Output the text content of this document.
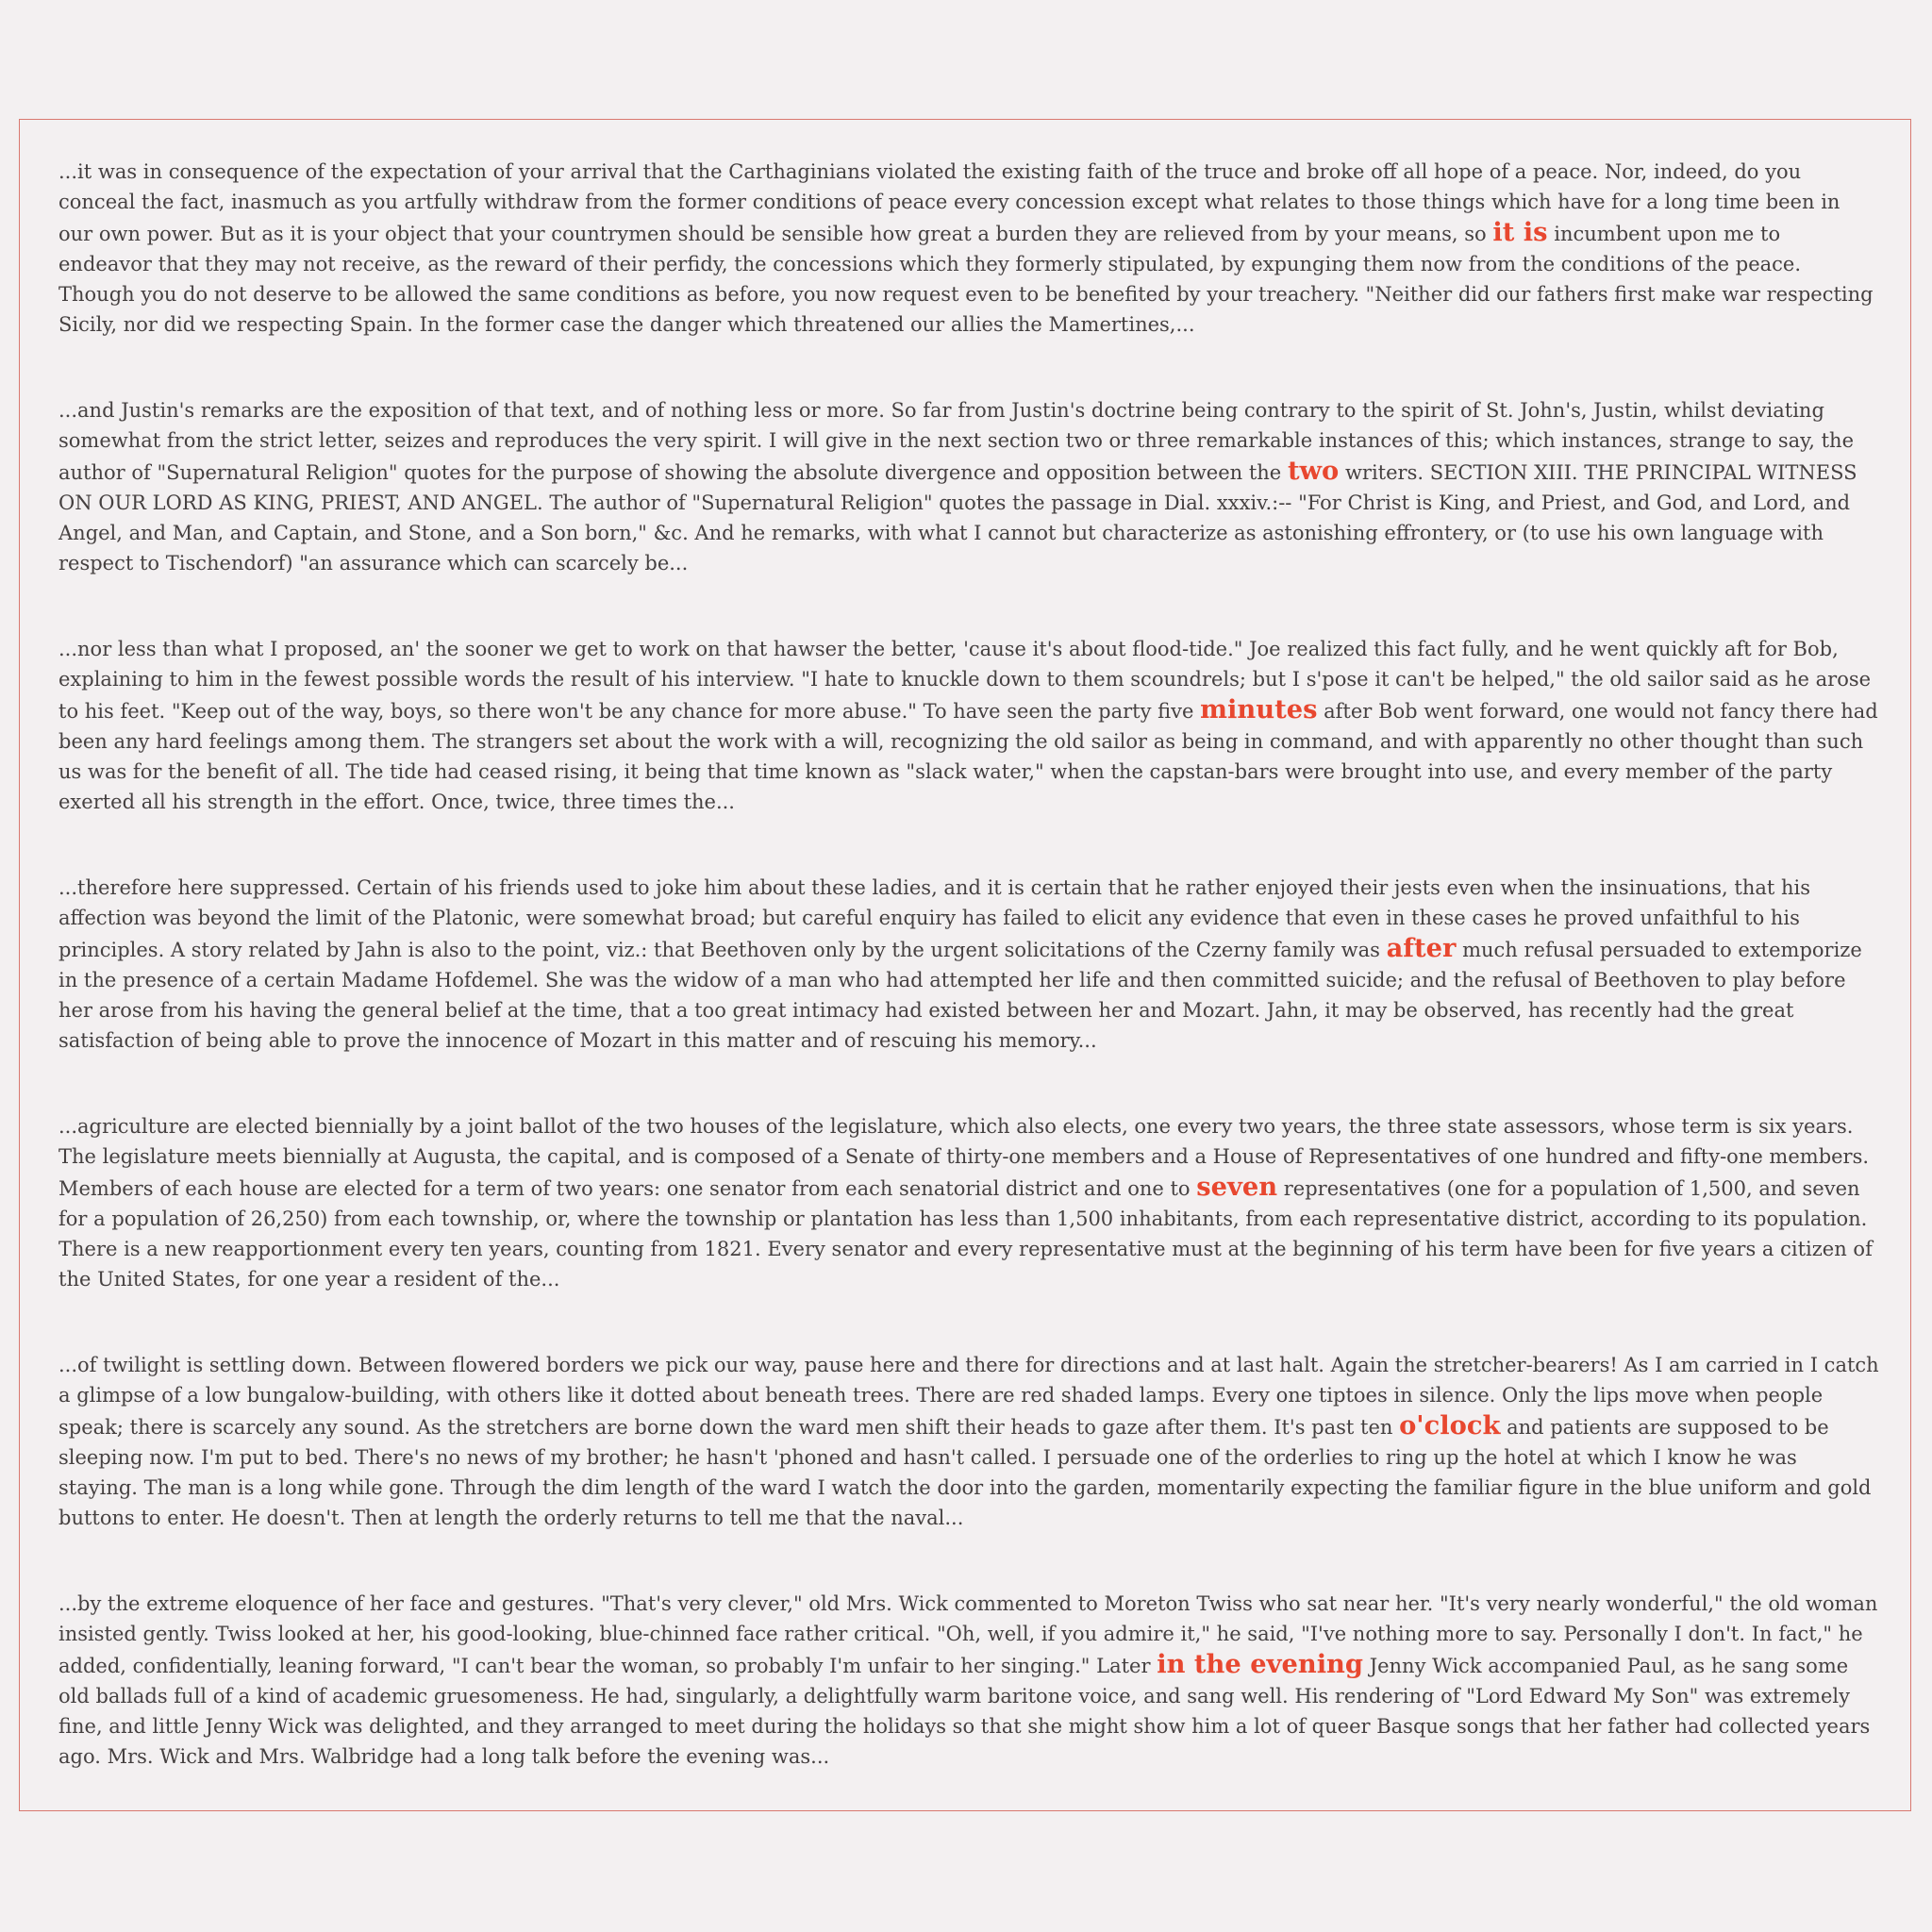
...it was in consequence of the expectation of your arrival that the Carthaginians violated the existing faith of the truce and broke off all hope of a peace. Nor, indeed, do you conceal the fact, inasmuch as you artfully withdraw from the former conditions of peace every concession except what relates to those things which have for a long time been in our own power. But as it is your object that your countrymen should be sensible how great a burden they are relieved from by your means, so it is incumbent upon me to endeavor that they may not receive, as the reward of their perfidy, the concessions which they formerly stipulated, by expunging them now from the conditions of the peace. Though you do not deserve to be allowed the same conditions as before, you now request even to be benefited by your treachery. "Neither did our fathers first make war respecting Sicily, nor did we respecting Spain. In the former case the danger which threatened our allies the Mamertines,...

...and Justin's remarks are the exposition of that text, and of nothing less or more. So far from Justin's doctrine being contrary to the spirit of St. John's, Justin, whilst deviating somewhat from the strict letter, seizes and reproduces the very spirit. I will give in the next section two or three remarkable instances of this; which instances, strange to say, the author of "Supernatural Religion" quotes for the purpose of showing the absolute divergence and opposition between the two writers. SECTION XIII. THE PRINCIPAL WITNESS ON OUR LORD AS KING, PRIEST, AND ANGEL. The author of "Supernatural Religion" quotes the passage in Dial. xxxiv.:-- "For Christ is King, and Priest, and God, and Lord, and Angel, and Man, and Captain, and Stone, and a Son born," &c. And he remarks, with what I cannot but characterize as astonishing effrontery, or (to use his own language with respect to Tischendorf) "an assurance which can scarcely be...

...nor less than what I proposed, an' the sooner we get to work on that hawser the better, 'cause it's about flood-tide." Joe realized this fact fully, and he went quickly aft for Bob, explaining to him in the fewest possible words the result of his interview. "I hate to knuckle down to them scoundrels; but I s'pose it can't be helped," the old sailor said as he arose to his feet. "Keep out of the way, boys, so there won't be any chance for more abuse." To have seen the party five minutes after Bob went forward, one would not fancy there had been any hard feelings among them. The strangers set about the work with a will, recognizing the old sailor as being in command, and with apparently no other thought than such us was for the benefit of all. The tide had ceased rising, it being that time known as "slack water," when the capstan-bars were brought into use, and every member of the party exerted all his strength in the effort. Once, twice, three times the...

...therefore here suppressed. Certain of his friends used to joke him about these ladies, and it is certain that he rather enjoyed their jests even when the insinuations, that his affection was beyond the limit of the Platonic, were somewhat broad; but careful enquiry has failed to elicit any evidence that even in these cases he proved unfaithful to his principles. A story related by Jahn is also to the point, viz.: that Beethoven only by the urgent solicitations of the Czerny family was after much refusal persuaded to extemporize in the presence of a certain Madame Hofdemel. She was the widow of a man who had attempted her life and then committed suicide; and the refusal of Beethoven to play before her arose from his having the general belief at the time, that a too great intimacy had existed between her and Mozart. Jahn, it may be observed, has recently had the great satisfaction of being able to prove the innocence of Mozart in this matter and of rescuing his memory...

...agriculture are elected biennially by a joint ballot of the two houses of the legislature, which also elects, one every two years, the three state assessors, whose term is six years. The legislature meets biennially at Augusta, the capital, and is composed of a Senate of thirty-one members and a House of Representatives of one hundred and fifty-one members. Members of each house are elected for a term of two years: one senator from each senatorial district and one to seven representatives (one for a population of 1,500, and seven for a population of 26,250) from each township, or, where the township or plantation has less than 1,500 inhabitants, from each representative district, according to its population. There is a new reapportionment every ten years, counting from 1821. Every senator and every representative must at the beginning of his term have been for five years a citizen of the United States, for one year a resident of the...

...of twilight is settling down. Between flowered borders we pick our way, pause here and there for directions and at last halt. Again the stretcher-bearers! As I am carried in I catch a glimpse of a low bungalow-building, with others like it dotted about beneath trees. There are red shaded lamps. Every one tiptoes in silence. Only the lips move when people speak; there is scarcely any sound. As the stretchers are borne down the ward men shift their heads to gaze after them. It's past ten o'clock and patients are supposed to be sleeping now. I'm put to bed. There's no news of my brother; he hasn't 'phoned and hasn't called. I persuade one of the orderlies to ring up the hotel at which I know he was staying. The man is a long while gone. Through the dim length of the ward I watch the door into the garden, momentarily expecting the familiar figure in the blue uniform and gold buttons to enter. He doesn't. Then at length the orderly returns to tell me that the naval...

...by the extreme eloquence of her face and gestures. "That's very clever," old Mrs. Wick commented to Moreton Twiss who sat near her. "It's very nearly wonderful," the old woman insisted gently. Twiss looked at her, his good-looking, blue-chinned face rather critical. "Oh, well, if you admire it," he said, "I've nothing more to say. Personally I don't. In fact," he added, confidentially, leaning forward, "I can't bear the woman, so probably I'm unfair to her singing." Later in the evening Jenny Wick accompanied Paul, as he sang some old ballads full of a kind of academic gruesomeness. He had, singularly, a delightfully warm baritone voice, and sang well. His rendering of "Lord Edward My Son" was extremely fine, and little Jenny Wick was delighted, and they arranged to meet during the holidays so that she might show him a lot of queer Basque songs that her father had collected years ago. Mrs. Wick and Mrs. Walbridge had a long talk before the evening was...
